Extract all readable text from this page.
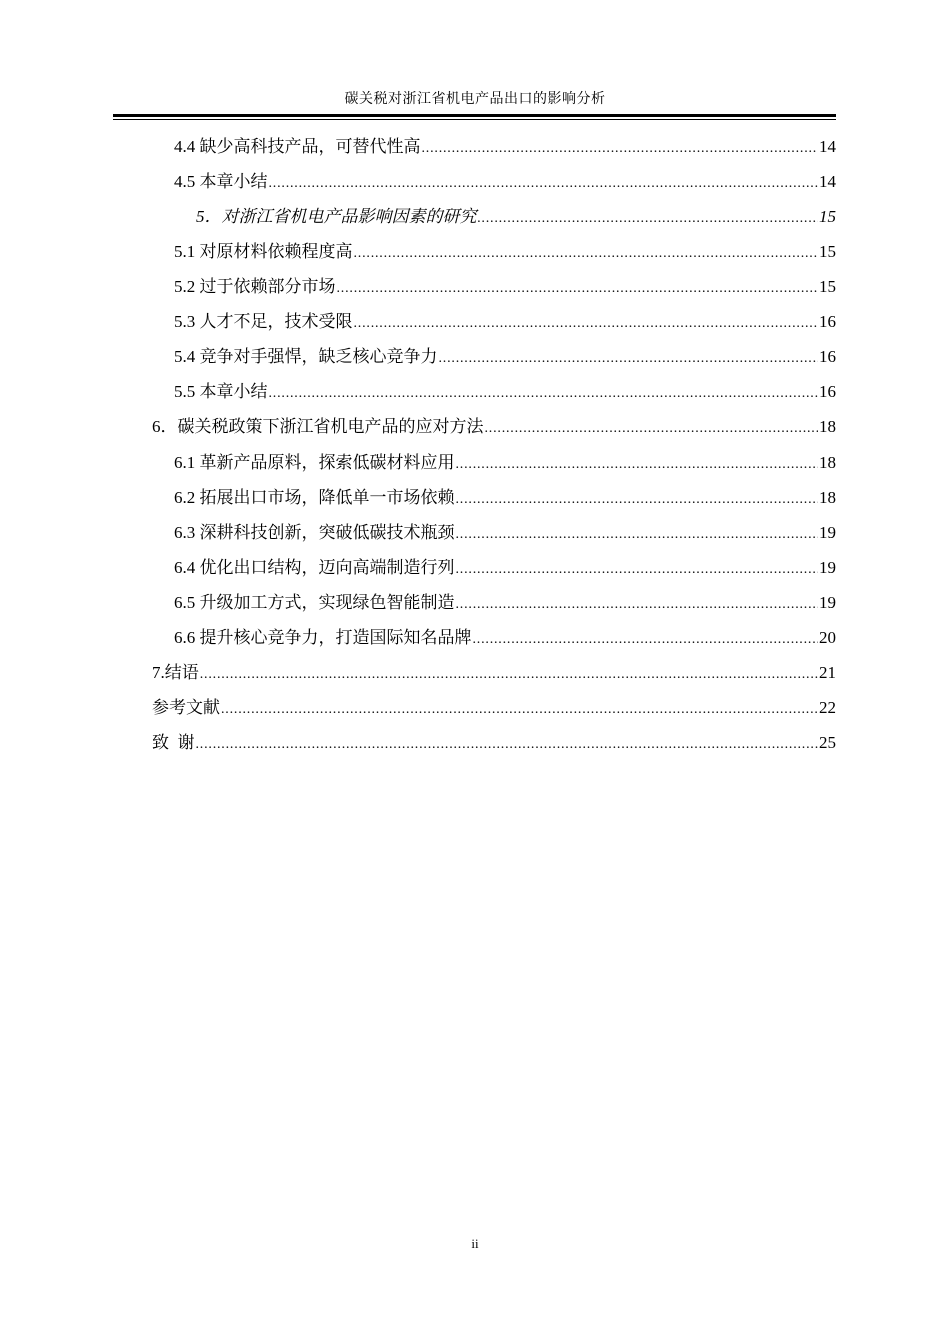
碳关税对浙江省机电产品出口的影响分析
4.4 缺少高科技产品，可替代性高 .....	14
4.5 本章小结 .....	14
5．对浙江省机电产品影响因素的研究 .....	15
5.1 对原材料依赖程度高 .....	15
5.2 过于依赖部分市场 .....	15
5.3 人才不足，技术受限 .....	16
5.4 竞争对手强悍，缺乏核心竞争力 .....	16
5.5 本章小结 .....	16
6．碳关税政策下浙江省机电产品的应对方法 .....	18
6.1 革新产品原料，探索低碳材料应用 .....	18
6.2 拓展出口市场，降低单一市场依赖 .....	18
6.3 深耕科技创新，突破低碳技术瓶颈 .....	19
6.4 优化出口结构，迈向高端制造行列 .....	19
6.5 升级加工方式，实现绿色智能制造 .....	19
6.6 提升核心竞争力，打造国际知名品牌 .....	20
7.结语 .....	21
参考文献 .....	22
致  谢 .....	25
ii
